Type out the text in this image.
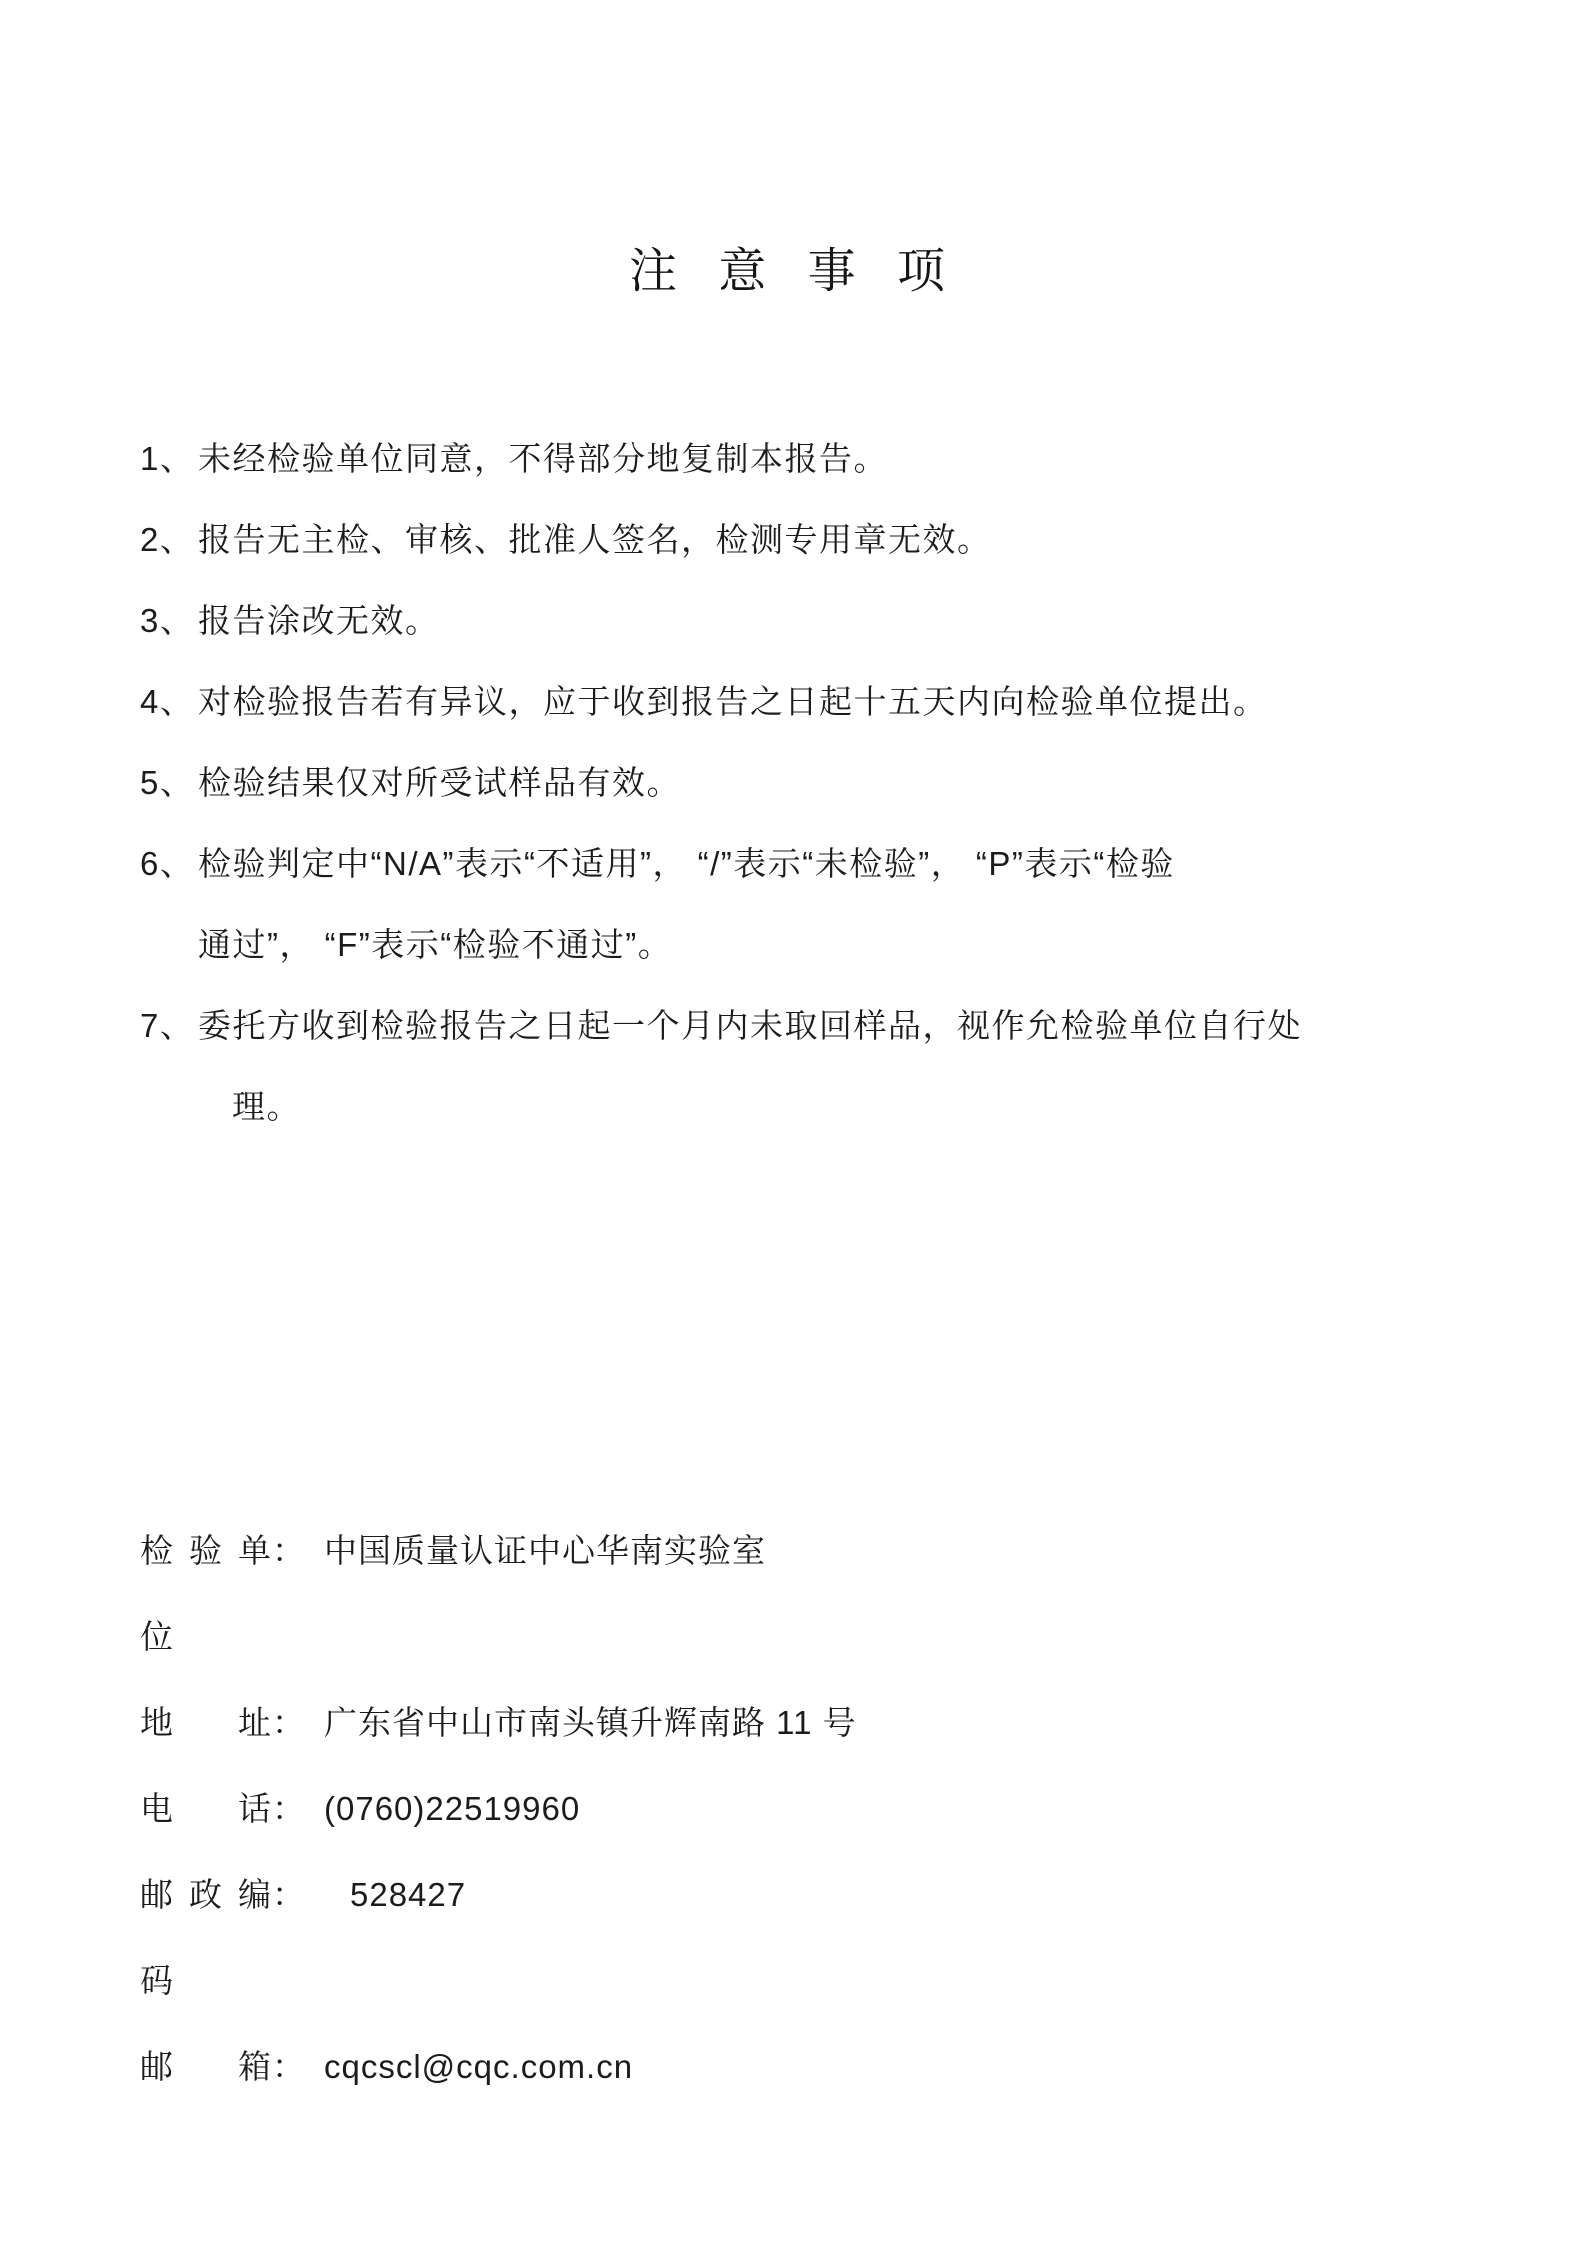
注 意 事 项
1、 未经检验单位同意，不得部分地复制本报告。
2、 报告无主检、审核、批准人签名，检测专用章无效。
3、 报告涂改无效。
4、 对检验报告若有异议，应于收到报告之日起十五天内向检验单位提出。
5、 检验结果仅对所受试样品有效。
6、 检验判定中“N/A”表示“不适用”， “/”表示“未检验”， “P”表示“检验
通过”， “F”表示“检验不通过”。
7、 委托方收到检验报告之日起一个月内未取回样品，视作允检验单位自行处
理。
检验单位
： 中国质量认证中心华南实验室
地址 ： 广东省中山市南头镇升辉南路 11 号
电话 ： (0760)22519960
邮政编码
： 528427
邮箱 ： cqcscl@cqc.com.cn
